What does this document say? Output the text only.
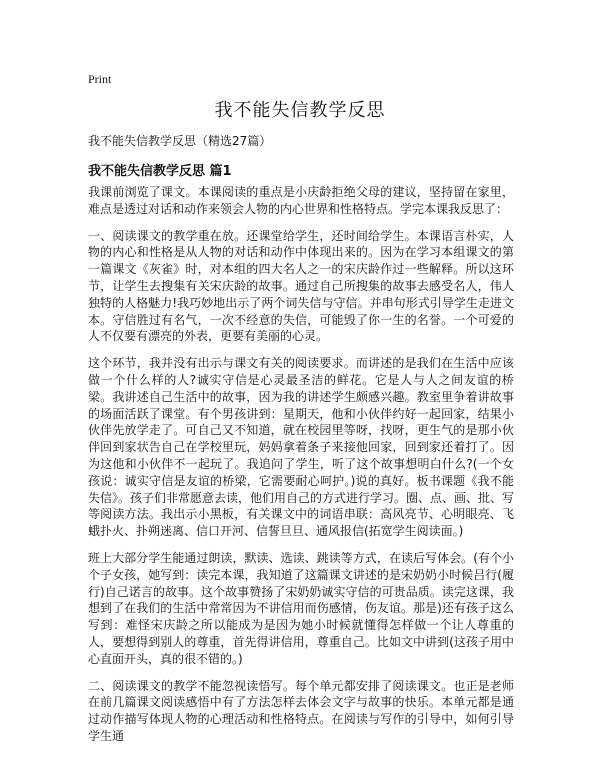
Print
我不能失信教学反思

我不能失信教学反思（精选27篇）

我不能失信教学反思 篇1

我课前浏览了课文。本课阅读的重点是小庆龄拒绝父母的建议，坚持留在家里，难点是透过对话和动作来领会人物的内心世界和性格特点。学完本课我反思了：

一、阅读课文的教学重在放。还课堂给学生，还时间给学生。本课语言朴实，人物的内心和性格是从人物的对话和动作中体现出来的。因为在学习本组课文的第一篇课文《灰雀》时，对本组的四大名人之一的宋庆龄作过一些解释。所以这环节，让学生去搜集有关宋庆龄的故事。通过自己所搜集的故事去感受名人，伟人独特的人格魅力!我巧妙地出示了两个词失信与守信。并串句形式引导学生走进文本。守信胜过有名气，一次不经意的失信，可能毁了你一生的名誉。一个可爱的人不仅要有漂亮的外表，更要有美丽的心灵。

这个环节，我并没有出示与课文有关的阅读要求。而讲述的是我们在生活中应该做一个什么样的人?诚实守信是心灵最圣洁的鲜花。它是人与人之间友谊的桥梁。我讲述自己生活中的故事，因为我的讲述学生颇感兴趣。教室里争着讲故事的场面活跃了课堂。有个男孩讲到：星期天，他和小伙伴约好一起回家，结果小伙伴先放学走了。可自己又不知道，就在校园里等呀，找呀，更生气的是那小伙伴回到家状告自己在学校里玩，妈妈拿着条子来接他回家，回到家还着打了。因为这他和小伙伴不一起玩了。我追问了学生，听了这个故事想明白什么?(一个女孩说：诚实守信是友谊的桥梁，它需要耐心呵护。)说的真好。板书课题《我不能失信》。孩子们非常愿意去读，他们用自己的方式进行学习。圈、点、画、批、写等阅读方法。我出示小黑板，有关课文中的词语串联：高风亮节、心明眼亮、飞蛾扑火、扑朔迷离、信口开河、信誓旦旦、通风报信(拓宽学生阅读面。)

班上大部分学生能通过朗读，默读、选读、跳读等方式，在读后写体会。(有个小个子女孩，她写到：读完本课，我知道了这篇课文讲述的是宋奶奶小时候吕行(履行)自己诺言的故事。这个故事赞扬了宋奶奶诚实守信的可贵品质。读完这课，我想到了在我们的生活中常常因为不讲信用而伤感情，伤友谊。那是)还有孩子这么写到：难怪宋庆龄之所以能成为是因为她小时候就懂得怎样做一个让人尊重的人，要想得到别人的尊重，首先得讲信用，尊重自己。比如文中讲到(这孩子用中心直面开头，真的很不错的。)

二、阅读课文的教学不能忽视读悟写。每个单元都安排了阅读课文。也正是老师在前几篇课文阅读感悟中有了方法怎样去体会文字与故事的快乐。本单元都是通过动作描写体现人物的心理活动和性格特点。在阅读与写作的引导中，如何引导学生通
